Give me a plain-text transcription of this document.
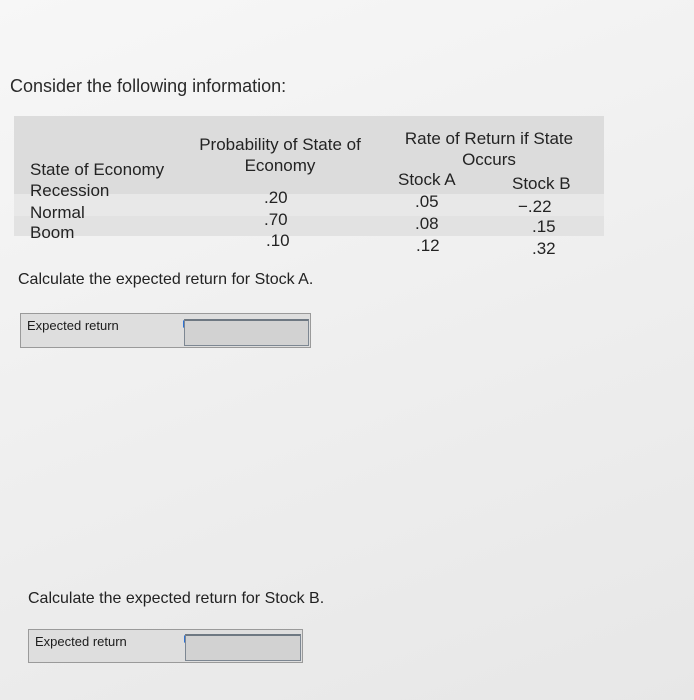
Consider the following information:
State of Economy
Probability of State of
Economy
Rate of Return if State
Occurs
Stock A	Stock B
Recession	.20	.05	−.22
Normal	.70	.08	.15
Boom	.10	.12	.32
Calculate the expected return for Stock A.
Expected return
Calculate the expected return for Stock B.
Expected return
